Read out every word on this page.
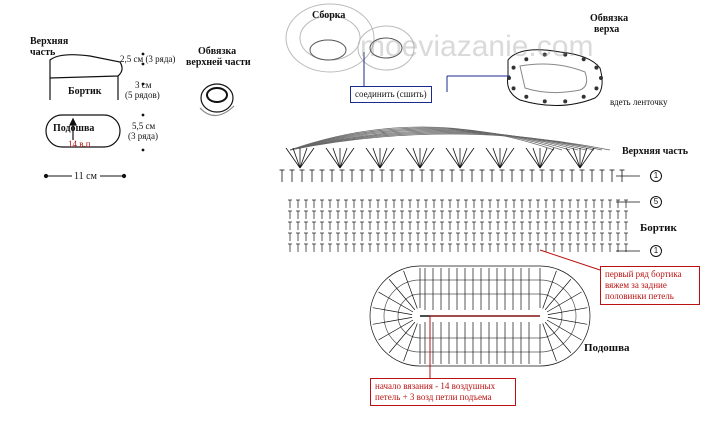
Верхняя часть
Бортик
Подошва
14 в.п
11 см
2,5 см (3 ряда)
3 см
(5 рядов)
5,5 см
(3 ряда)
Обвязка
верхней части
Сборка	Обвязка
верха
вдеть ленточку
moeviazanie.com
соединить (сшить)
Верхняя часть
Бортик
Подошва
1
5
1
первый ряд бортика вяжем за задние половинки петель
начало вязания - 14 воздушных петель + 3 возд петли подъема
